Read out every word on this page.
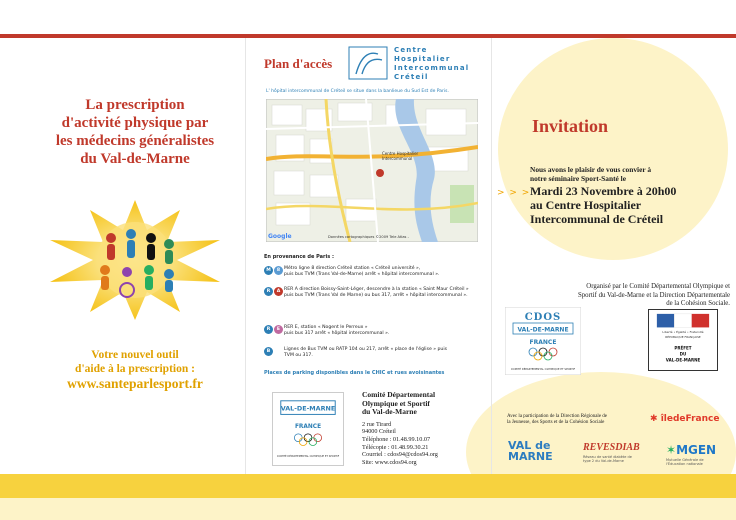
La prescription
d'activité physique par
les médecins généralistes
du Val-de-Marne
Votre nouvel outil
d'aide à la prescription :
www.santeparlesport.fr
Plan d'accès
Centre
Hospitalier
Intercommunal
Créteil
L' hôpital intercommunal de Créteil se situe dans la banlieue du Sud Est de Paris.
Centre Hospitalier
Intercommunal
Google	Données cartographiques ©2009 Tele Atlas -
En provenance de Paris :
M	8 Métro ligne 8 direction Créteil station « Créteil université »,
puis bus TVM (Trans Val-de-Marne) arrêt « hôpital intercommunal ».
R	A RER A direction Boissy-Saint-Léger, descendre à la station « Saint Maur Créteil »
puis bus TVM (Trans Val de Marne) ou bus 317, arrêt « hôpital intercommunal ».
R	E RER E, station « Nogent le Perreux »
puis bus 317 arrêt « hôpital intercommunal ».
B	Lignes de Bus TVM ou RATP 104 ou 217, arrêt « place de l'église » puis
TVM ou 317.
Places de parking disponibles dans le CHIC et rues avoisinantes
VAL-DE-MARNE
FRANCE
COMITÉ DÉPARTEMENTAL OLYMPIQUE ET SPORTIF
Comité Départemental
Olympique et Sportif
du Val-de-Marne
2 rue Tirard
94000 Créteil
Téléphone : 01.48.99.10.07
Télécopie : 01.48.99.30.21
Courriel : cdos94@cdos94.org
Site: www.cdos94.org
Invitation
Nous avons le plaisir de vous convier à
notre séminaire Sport-Santé le
> > > Mardi 23 Novembre à 20h00
au Centre Hospitalier
Intercommunal de Créteil
Organisé par le Comité Départemental Olympique et
Sportif du Val-de-Marne et la Direction Départementale
de la Cohésion Sociale.
CDOS
VAL-DE-MARNE
FRANCE
COMITÉ DÉPARTEMENTAL OLYMPIQUE ET SPORTIF
Liberté • Égalité • Fraternité
RÉPUBLIQUE FRANÇAISE
PRÉFET
DU
VAL-DE-MARNE
Avec la participation de la Direction Régionale de
la Jeunesse, des Sports et de la Cohésion Sociale	✱ îledeFrance
VAL de
MARNE
REVESDIAB
Réseau de santé diabète de type 2 du Val-de-Marne
✶MGEN
Mutuelle Générale de l'Éducation nationale
